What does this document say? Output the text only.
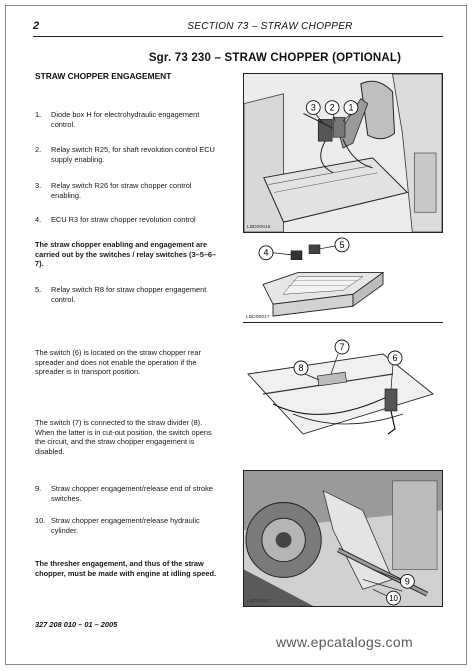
2	SECTION 73 – STRAW CHOPPER
Sgr. 73 230 – STRAW CHOPPER (OPTIONAL)
STRAW CHOPPER ENGAGEMENT
1. Diode box H for electrohydraulic engagement control.
2. Relay switch R25, for shaft revolution control ECU supply enabling.
3. Relay switch R26 for straw chopper control enabling.
4. ECU R3 for straw chopper revolution control
The straw chopper enabling and engagement are carried out by the switches / relay switches (3–5–6–7).
5. Relay switch R8 for straw chopper engagement control.
The switch (6) is located on the straw chopper rear spreader and does not enable the operation if the spreader is in transport position.
The switch (7) is connected to the straw divider (8). When the latter is in cut-out position, the switch opens the circuit, and the straw chopper engagement is disabled.
9. Straw chopper engagement/release end of stroke switches.
10. Straw chopper engagement/release hydraulic cylinder.
The thresher engagement, and thus of the straw chopper, must be made with engine at idling speed.
3 2 1
LBD00016
4
5
LBD00017
7
6
8
9
10
LBD00017
327 208 010 – 01 – 2005
www.epcatalogs.com
